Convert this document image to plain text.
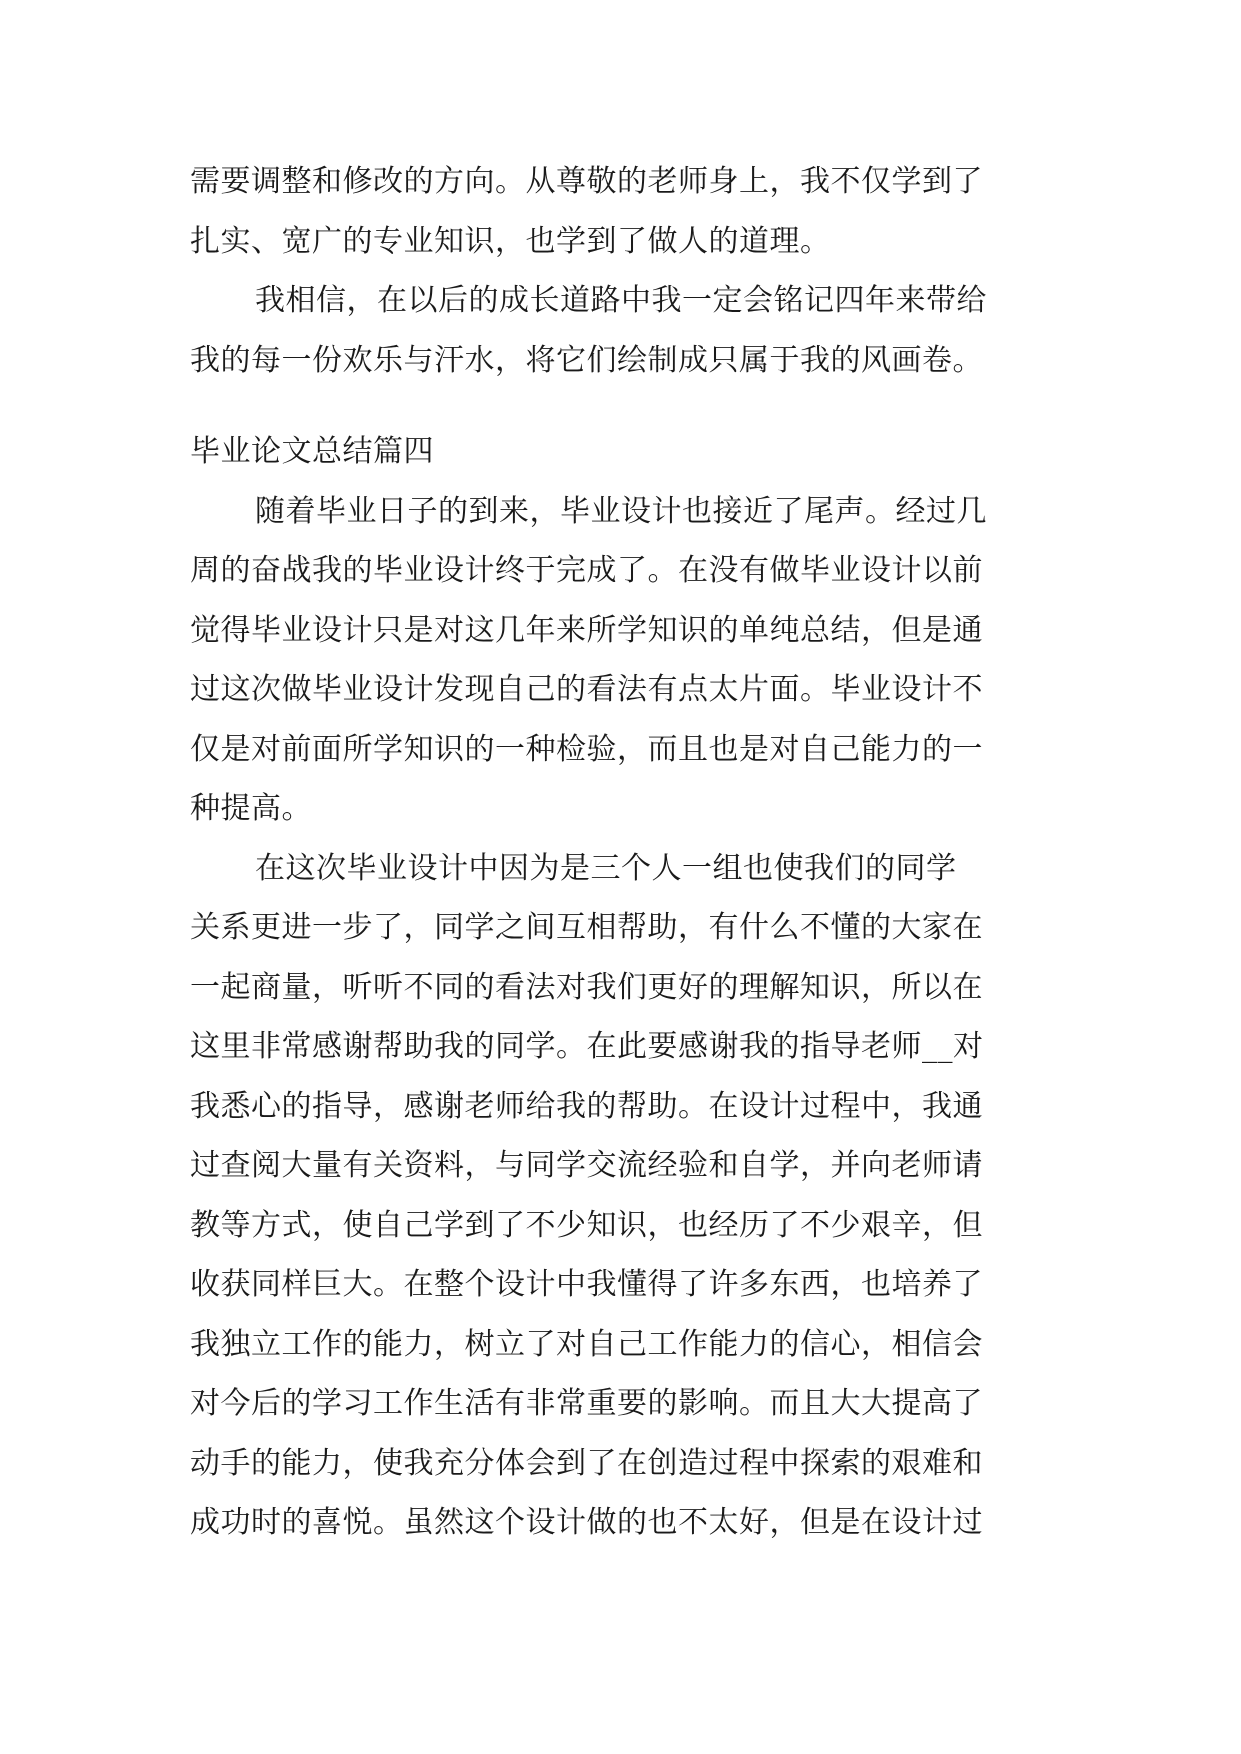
需要调整和修改的方向。从尊敬的老师身上，我不仅学到了
扎实、宽广的专业知识，也学到了做人的道理。
我相信，在以后的成长道路中我一定会铭记四年来带给
我的每一份欢乐与汗水，将它们绘制成只属于我的风画卷。
毕业论文总结篇四
随着毕业日子的到来，毕业设计也接近了尾声。经过几
周的奋战我的毕业设计终于完成了。在没有做毕业设计以前
觉得毕业设计只是对这几年来所学知识的单纯总结，但是通
过这次做毕业设计发现自己的看法有点太片面。毕业设计不
仅是对前面所学知识的一种检验，而且也是对自己能力的一
种提高。
在这次毕业设计中因为是三个人一组也使我们的同学
关系更进一步了，同学之间互相帮助，有什么不懂的大家在
一起商量，听听不同的看法对我们更好的理解知识，所以在
这里非常感谢帮助我的同学。在此要感谢我的指导老师__对
我悉心的指导，感谢老师给我的帮助。在设计过程中，我通
过查阅大量有关资料，与同学交流经验和自学，并向老师请
教等方式，使自己学到了不少知识，也经历了不少艰辛，但
收获同样巨大。在整个设计中我懂得了许多东西，也培养了
我独立工作的能力，树立了对自己工作能力的信心，相信会
对今后的学习工作生活有非常重要的影响。而且大大提高了
动手的能力，使我充分体会到了在创造过程中探索的艰难和
成功时的喜悦。虽然这个设计做的也不太好，但是在设计过
